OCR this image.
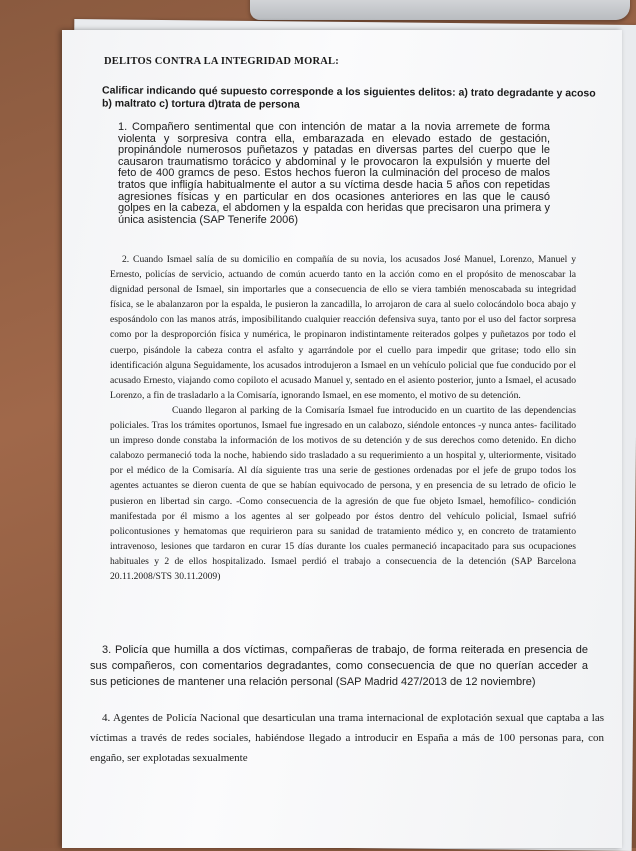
DELITOS CONTRA LA INTEGRIDAD MORAL:
Calificar indicando qué supuesto corresponde a los siguientes delitos: a) trato degradante y acoso b) maltrato c) tortura d)trata de persona
1. Compañero sentimental que con intención de matar a la novia arremete de forma violenta y sorpresiva contra ella, embarazada en elevado estado de gestación, propinándole numerosos puñetazos y patadas en diversas partes del cuerpo que le causaron traumatismo torácico y abdominal y le provocaron la expulsión y muerte del feto de 400 gramcs de peso. Estos hechos fueron la culminación del proceso de malos tratos que infligía habitualmente el autor a su víctima desde hacia 5 años con repetidas agresiones físicas y en particular en dos ocasiones anteriores en las que le causó golpes en la cabeza, el abdomen y la espalda con heridas que precisaron una primera y única asistencia (SAP Tenerife 2006)
2. Cuando Ismael salía de su domicilio en compañía de su novia, los acusados José Manuel, Lorenzo, Manuel y Ernesto, policías de servicio, actuando de común acuerdo tanto en la acción como en el propósito de menoscabar la dignidad personal de Ismael, sin importarles que a consecuencia de ello se viera también menoscabada su integridad física, se le abalanzaron por la espalda, le pusieron la zancadilla, lo arrojaron de cara al suelo colocándolo boca abajo y esposándolo con las manos atrás, imposibilitando cualquier reacción defensiva suya, tanto por el uso del factor sorpresa como por la desproporción física y numérica, le propinaron indistintamente reiterados golpes y puñetazos por todo el cuerpo, pisándole la cabeza contra el asfalto y agarrándole por el cuello para impedir que gritase; todo ello sin identificación alguna Seguidamente, los acusados introdujeron a Ismael en un vehículo policial que fue conducido por el acusado Ernesto, viajando como copiloto el acusado Manuel y, sentado en el asiento posterior, junto a Ismael, el acusado Lorenzo, a fin de trasladarlo a la Comisaría, ignorando Ismael, en ese momento, el motivo de su detención.
Cuando llegaron al parking de la Comisaría Ismael fue introducido en un cuartito de las dependencias policiales. Tras los trámites oportunos, Ismael fue ingresado en un calabozo, siéndole entonces -y nunca antes- facilitado un impreso donde constaba la información de los motivos de su detención y de sus derechos como detenido. En dicho calabozo permaneció toda la noche, habiendo sido trasladado a su requerimiento a un hospital y, ulteriormente, visitado por el médico de la Comisaría. Al día siguiente tras una serie de gestiones ordenadas por el jefe de grupo todos los agentes actuantes se dieron cuenta de que se habían equivocado de persona, y en presencia de su letrado de oficio le pusieron en libertad sin cargo. -Como consecuencia de la agresión de que fue objeto Ismael, hemofílico- condición manifestada por él mismo a los agentes al ser golpeado por éstos dentro del vehículo policial, Ismael sufrió policontusiones y hematomas que requirieron para su sanidad de tratamiento médico y, en concreto de tratamiento intravenoso, lesiones que tardaron en curar 15 días durante los cuales permaneció incapacitado para sus ocupaciones habituales y 2 de ellos hospitalizado. Ismael perdió el trabajo a consecuencia de la detención (SAP Barcelona 20.11.2008/STS 30.11.2009)
3. Policía que humilla a dos víctimas, compañeras de trabajo, de forma reiterada en presencia de sus compañeros, con comentarios degradantes, como consecuencia de que no querían acceder a sus peticiones de mantener una relación personal (SAP Madrid 427/2013 de 12 noviembre)
4. Agentes de Policía Nacional que desarticulan una trama internacional de explotación sexual que captaba a las víctimas a través de redes sociales, habiéndose llegado a introducir en España a más de 100 personas para, con engaño, ser explotadas sexualmente
